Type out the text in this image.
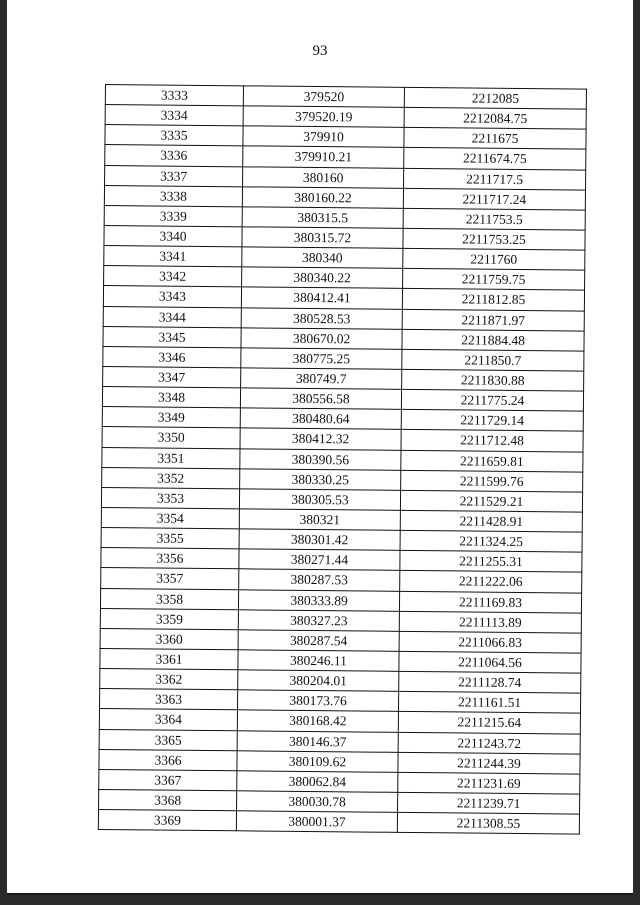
93
3333	379520	2212085
3334	379520.19	2212084.75
3335	379910	2211675
3336	379910.21	2211674.75
3337	380160	2211717.5
3338	380160.22	2211717.24
3339	380315.5	2211753.5
3340	380315.72	2211753.25
3341	380340	2211760
3342	380340.22	2211759.75
3343	380412.41	2211812.85
3344	380528.53	2211871.97
3345	380670.02	2211884.48
3346	380775.25	2211850.7
3347	380749.7	2211830.88
3348	380556.58	2211775.24
3349	380480.64	2211729.14
3350	380412.32	2211712.48
3351	380390.56	2211659.81
3352	380330.25	2211599.76
3353	380305.53	2211529.21
3354	380321	2211428.91
3355	380301.42	2211324.25
3356	380271.44	2211255.31
3357	380287.53	2211222.06
3358	380333.89	2211169.83
3359	380327.23	2211113.89
3360	380287.54	2211066.83
3361	380246.11	2211064.56
3362	380204.01	2211128.74
3363	380173.76	2211161.51
3364	380168.42	2211215.64
3365	380146.37	2211243.72
3366	380109.62	2211244.39
3367	380062.84	2211231.69
3368	380030.78	2211239.71
3369	380001.37	2211308.55
